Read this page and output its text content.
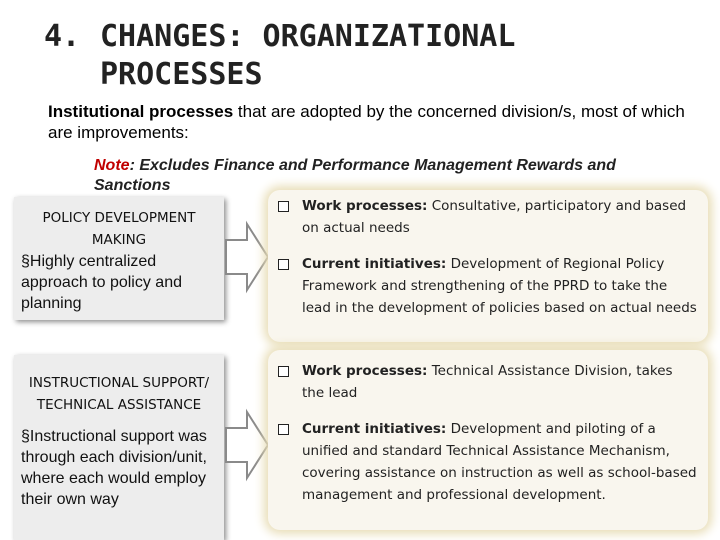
4. CHANGES: ORGANIZATIONAL
PROCESSES
Institutional processes that are adopted by the concerned division/s, most of which are improvements:
Note: Excludes Finance and Performance Management Rewards and Sanctions
POLICY DEVELOPMENT MAKING
§Highly centralized approach to policy and planning
Work processes: Consultative, participatory and based on actual needs
Current initiatives: Development of Regional Policy Framework and strengthening of the PPRD to take the lead in the development of policies based on actual needs
INSTRUCTIONAL SUPPORT/ TECHNICAL ASSISTANCE
§Instructional support was through each division/unit, where each would employ their own way
Work processes: Technical Assistance Division, takes the lead
Current initiatives: Development and piloting of a unified and standard Technical Assistance Mechanism, covering assistance on instruction as well as school-based management and professional development.
